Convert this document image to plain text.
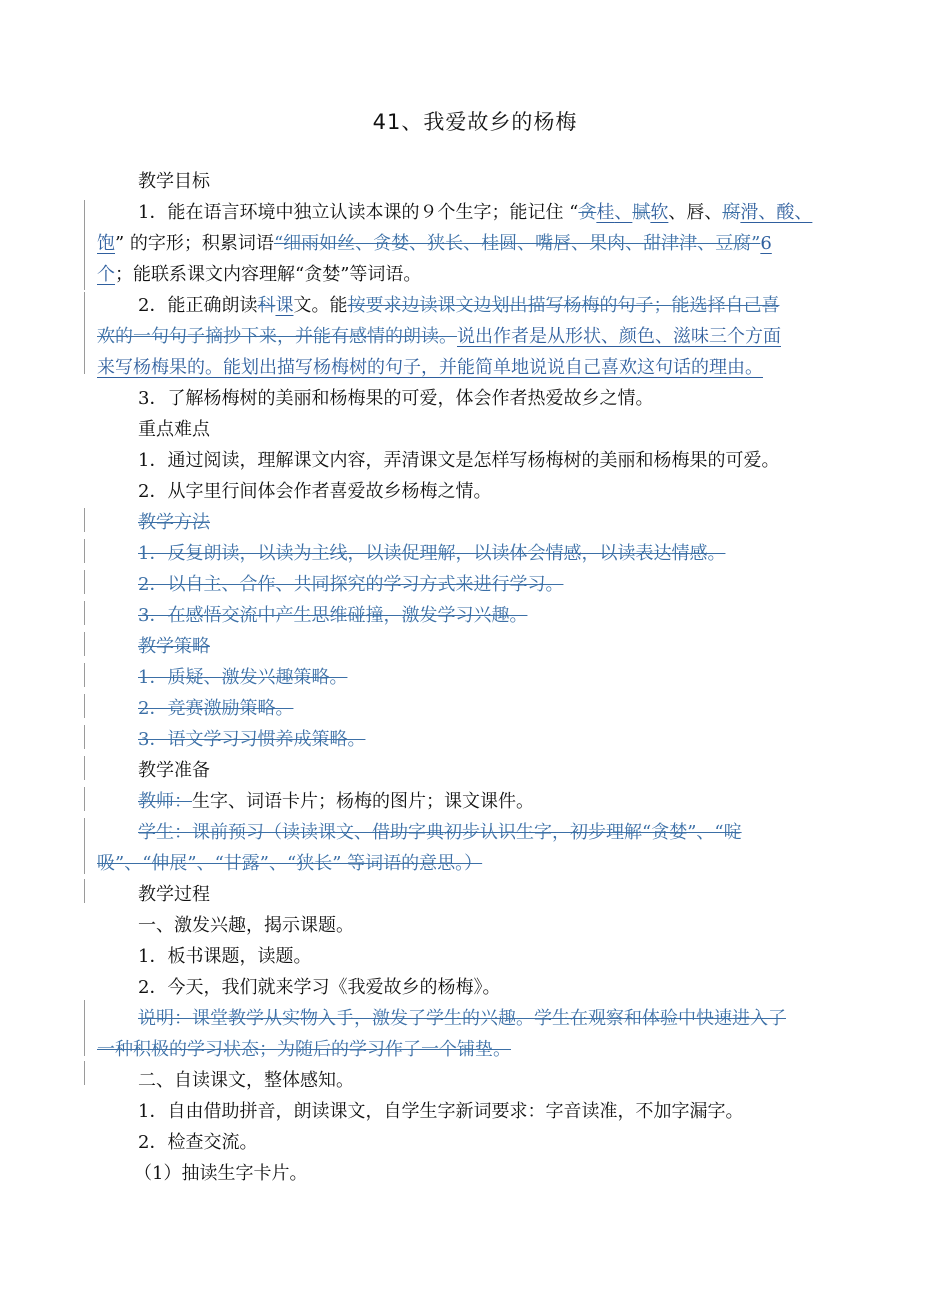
41、我爱故乡的杨梅
教学目标
1．能在语言环境中独立认读本课的９个生字；能记住 “贪桂、腻软、唇、腐滑、酸、
饱” 的字形；积累词语“细雨如丝、贪婪、狭长、桂圆、嘴唇、果肉、甜津津、豆腐”6
个；能联系课文内容理解“贪婪”等词语。
2．能正确朗读科课文。能按要求边读课文边划出描写杨梅的句子；能选择自己喜
欢的一句句子摘抄下来，并能有感情的朗读。说出作者是从形状、颜色、滋味三个方面
来写杨梅果的。能划出描写杨梅树的句子，并能简单地说说自己喜欢这句话的理由。
3．了解杨梅树的美丽和杨梅果的可爱，体会作者热爱故乡之情。
重点难点
1．通过阅读，理解课文内容，弄清课文是怎样写杨梅树的美丽和杨梅果的可爱。
2．从字里行间体会作者喜爱故乡杨梅之情。
教学方法
1．反复朗读，以读为主线，以读促理解，以读体会情感，以读表达情感。
2．以自主、合作、共同探究的学习方式来进行学习。
3．在感悟交流中产生思维碰撞，激发学习兴趣。
教学策略
1．质疑、激发兴趣策略。
2．竞赛激励策略。
3．语文学习习惯养成策略。
教学准备
教师：生字、词语卡片；杨梅的图片；课文课件。
学生：课前预习（读读课文、借助字典初步认识生字，初步理解“贪婪”、“啶
吸”、“伸展”、“甘露”、“狭长” 等词语的意思。）
教学过程
一、激发兴趣，揭示课题。
1．板书课题，读题。
2．今天，我们就来学习《我爱故乡的杨梅》。
说明：课堂教学从实物入手，激发了学生的兴趣。学生在观察和体验中快速进入了
一种积极的学习状态；为随后的学习作了一个铺垫。
二、自读课文，整体感知。
1．自由借助拼音，朗读课文，自学生字新词要求：字音读准，不加字漏字。
2．检查交流。
（1）抽读生字卡片。
